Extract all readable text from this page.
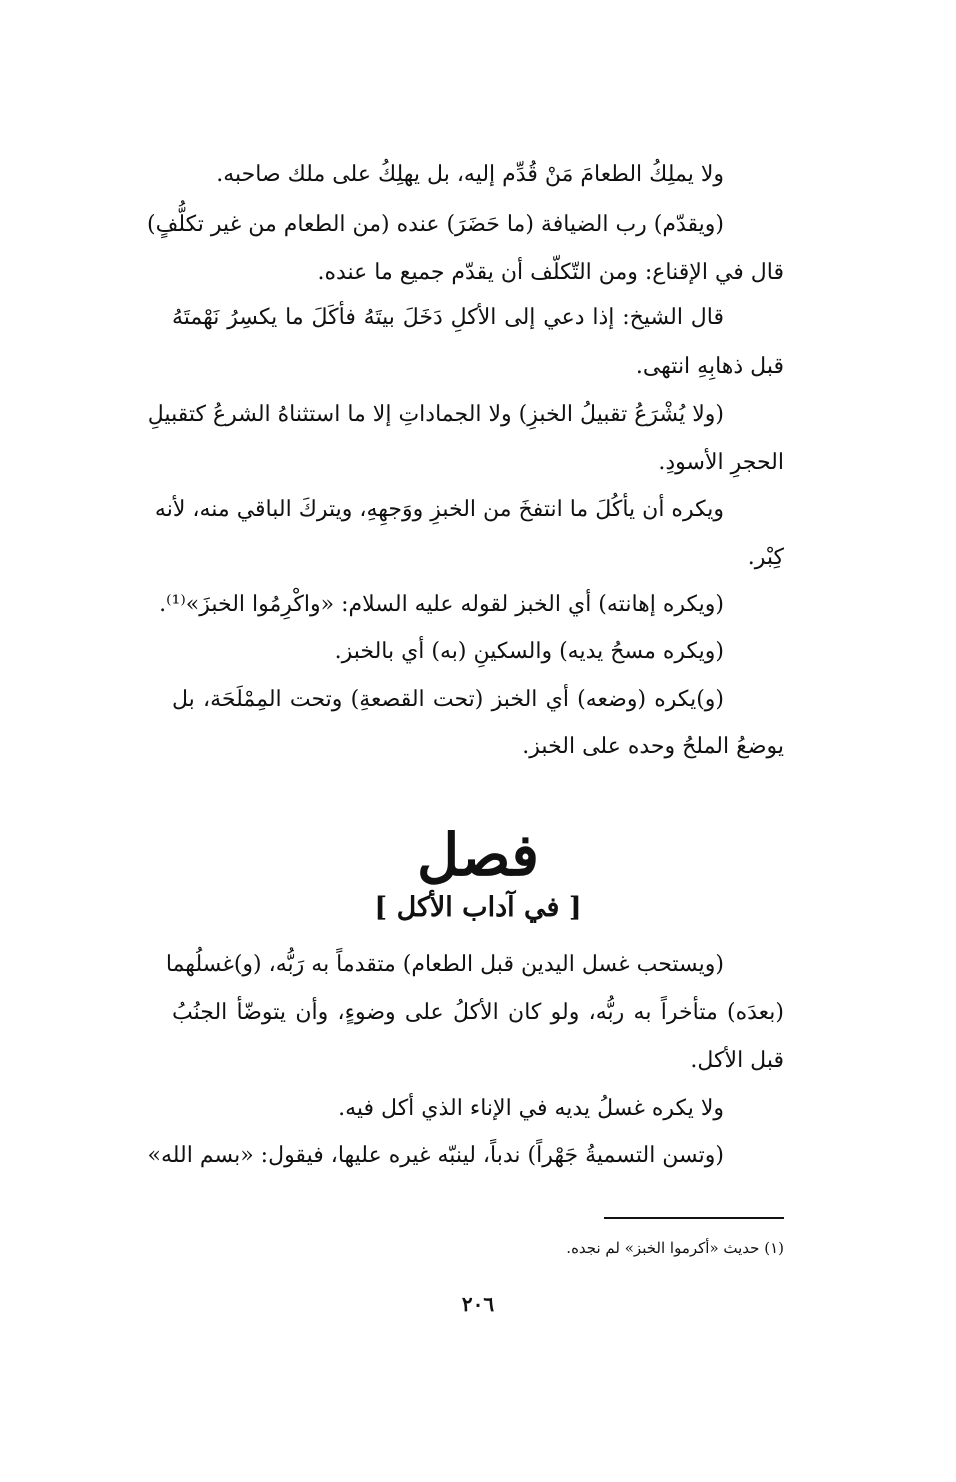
ولا يملِكُ الطعامَ مَنْ قُدِّم إليه، بل يهلِكُ على ملك صاحبه.
(ويقدّم) رب الضيافة (ما حَضَرَ) عنده (من الطعام من غير تكلُّفٍ)
قال في الإقناع: ومن التّكلّف أن يقدّم جميع ما عنده.
قال الشيخ: إذا دعي إلى الأكلِ دَخَلَ بيتَهُ فأكَلَ ما يكسِرُ نَهْمتَهُ
قبل ذهابِهِ انتهى.
(ولا يُشْرَعُ تقبيلُ الخبزِ) ولا الجماداتِ إلا ما استثناهُ الشرعُ كتقبيلِ
الحجرِ الأسودِ.
ويكره أن يأكُلَ ما انتفخَ من الخبزِ ووَجهِهِ، ويتركَ الباقي منه، لأنه
كِبْر.
(ويكره إهانته) أي الخبز لقوله عليه السلام: «واكْرِمُوا الخبزَ»⁽¹⁾.
(ويكره مسحُ يديه) والسكينِ (به) أي بالخبز.
(و)يكره (وضعه) أي الخبز (تحت القصعةِ) وتحت المِمْلَحَة، بل
يوضعُ الملحُ وحده على الخبز.
فصل
[ في آداب الأكل ]
(ويستحب غسل اليدين قبل الطعام) متقدماً به رَبُّه، (و)غسلُهما
(بعدَه) متأخراً به ربُّه، ولو كان الأكلُ على وضوءٍ، وأن يتوضّأ الجنُبُ
قبل الأكل.
ولا يكره غسلُ يديه في الإناء الذي أكل فيه.
(وتسن التسميةُ جَهْراً) ندباً، لينبّه غيره عليها، فيقول: «بسم الله»
(١) حديث «أكرموا الخبز» لم نجده.
٢٠٦
